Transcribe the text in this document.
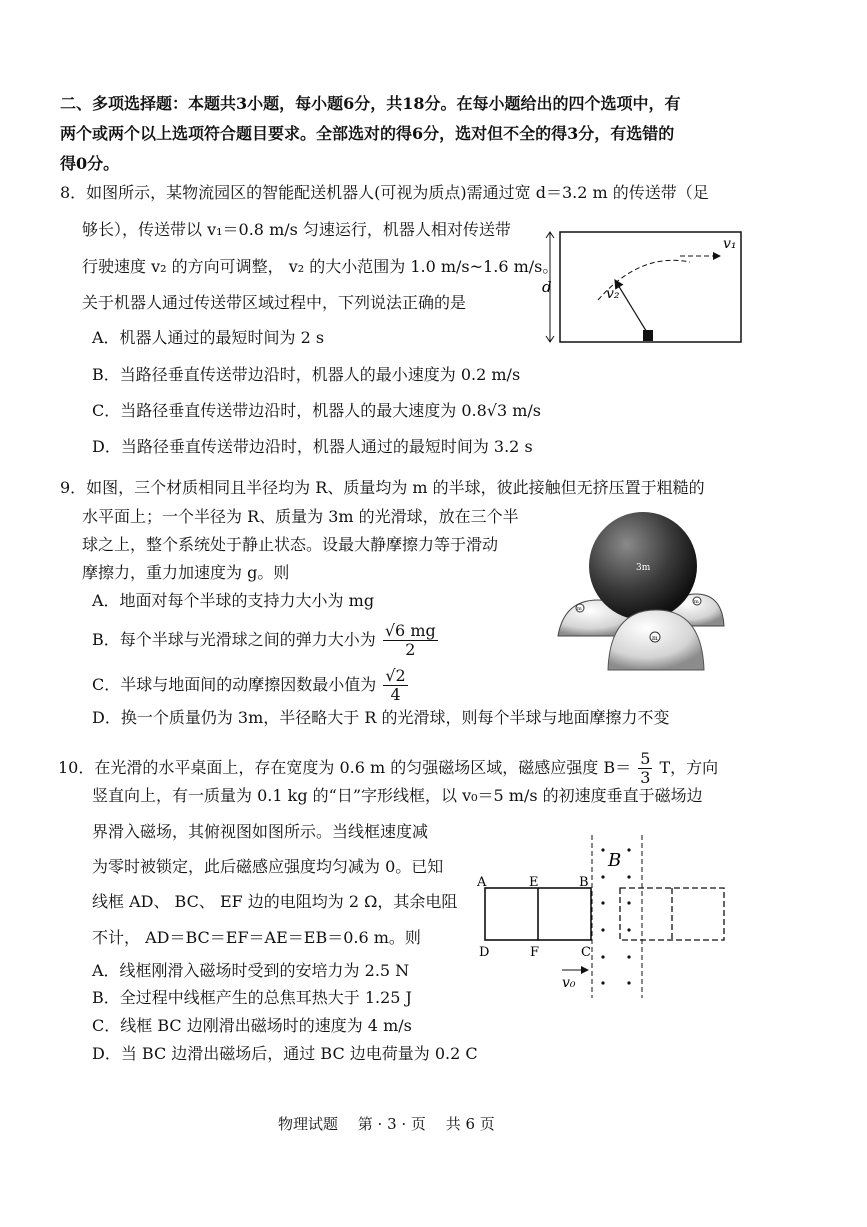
二、多项选择题：本题共3小题，每小题6分，共18分。在每小题给出的四个选项中，有
两个或两个以上选项符合题目要求。全部选对的得6分，选对但不全的得3分，有选错的
得0分。
8．如图所示，某物流园区的智能配送机器人(可视为质点)需通过宽 d＝3.2 m 的传送带（足
够长），传送带以 v₁＝0.8 m/s 匀速运行，机器人相对传送带
行驶速度 v₂ 的方向可调整， v₂ 的大小范围为 1.0 m/s~1.6 m/s。
关于机器人通过传送带区域过程中，下列说法正确的是
A．机器人通过的最短时间为 2 s
B．当路径垂直传送带边沿时，机器人的最小速度为 0.2 m/s
C．当路径垂直传送带边沿时，机器人的最大速度为 0.8√3 m/s
D．当路径垂直传送带边沿时，机器人通过的最短时间为 3.2 s
d
v₁
v₂
9．如图，三个材质相同且半径均为 R、质量均为 m 的半球，彼此接触但无挤压置于粗糙的
水平面上；一个半径为 R、质量为 3m 的光滑球，放在三个半
球之上，整个系统处于静止状态。设最大静摩擦力等于滑动
摩擦力，重力加速度为 g。则
A．地面对每个半球的支持力大小为 mg
B．每个半球与光滑球之间的弹力大小为 $\frac{√6 mg}{2}$
C．半球与地面间的动摩擦因数最小值为 $\frac{√2}{4}$
D．换一个质量仍为 3m，半径略大于 R 的光滑球，则每个半球与地面摩擦力不变
3m
m
m
m
10．在光滑的水平桌面上，存在宽度为 0.6 m 的匀强磁场区域，磁感应强度 $B= \frac{5}{3}$ T，方向
竖直向上，有一质量为 0.1 kg 的“日”字形线框，以 v₀＝5 m/s 的初速度垂直于磁场边
界滑入磁场，其俯视图如图所示。当线框速度减
为零时被锁定，此后磁感应强度均匀减为 0。已知
线框 AD、 BC、 EF 边的电阻均为 2 Ω，其余电阻
不计， AD＝BC＝EF＝AE＝EB＝0.6 m。则
A．线框刚滑入磁场时受到的安培力为 2.5 N
B．全过程中线框产生的总焦耳热大于 1.25 J
C．线框 BC 边刚滑出磁场时的速度为 4 m/s
D．当 BC 边滑出磁场后，通过 BC 边电荷量为 0.2 C
B
A	E	B
D	F	C
v₀
物理试题　 第 · 3 · 页　 共 6 页
